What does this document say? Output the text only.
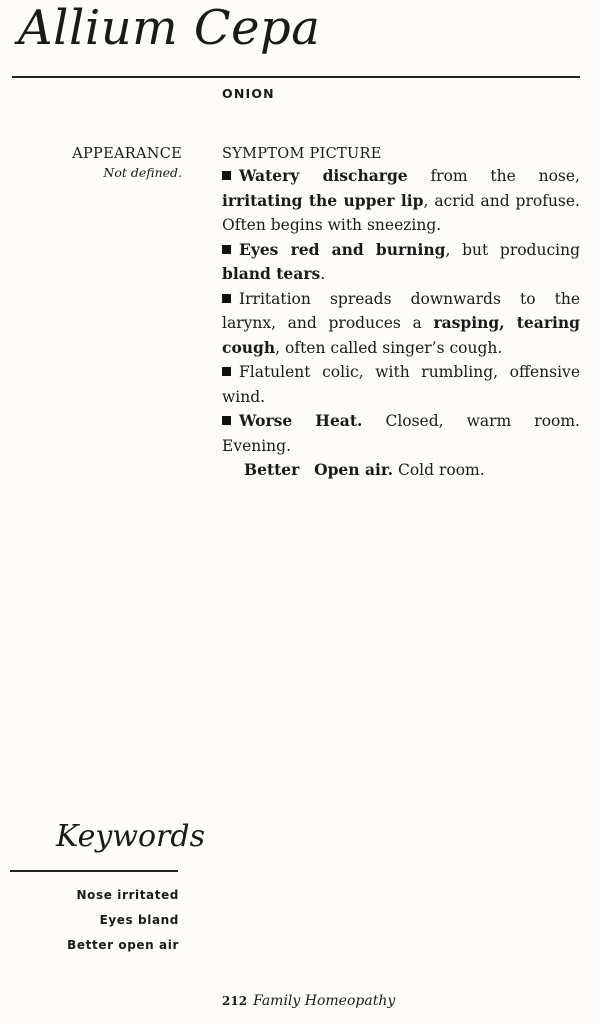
Allium Cepa
ONION
APPEARANCE
Not defined.
SYMPTOM PICTURE

Watery discharge from the nose, irritating the upper lip, acrid and profuse. Often begins with sneezing.

Eyes red and burning, but producing bland tears.

Irritation spreads downwards to the larynx, and produces a rasping, tearing cough, often called singer’s cough.

Flatulent colic, with rumbling, offensive wind.

Worse Heat. Closed, warm room.

Evening.

Better Open air. Cold room.

Keywords
Nose irritated
Eyes bland
Better open air
212 Family Homeopathy
